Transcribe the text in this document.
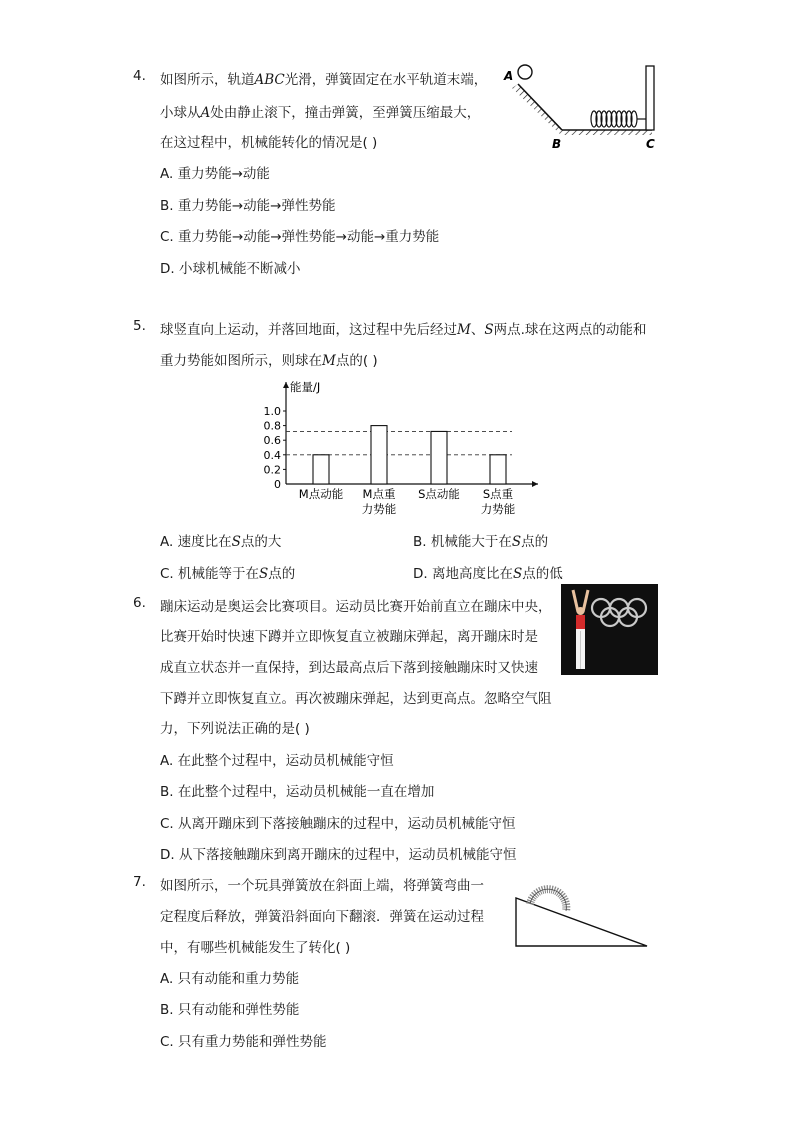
4. 如图所示，轨道ABC光滑，弹簧固定在水平轨道末端，
小球从A处由静止滚下，撞击弹簧，至弹簧压缩最大，
在这过程中，机械能转化的情况是( )
A. 重力势能→动能
B. 重力势能→动能→弹性势能
C. 重力势能→动能→弹性势能→动能→重力势能
D. 小球机械能不断减小
A
B	C
5. 球竖直向上运动，并落回地面，这过程中先后经过M、S两点.球在这两点的动能和
重力势能如图所示，则球在M点的( )
能量/J
0
0.2
0.4
0.6
0.8
1.0
M点动能 M点重
力势能
S点动能 S点重
力势能
A. 速度比在S点的大	B. 机械能大于在S点的
C. 机械能等于在S点的	D. 离地高度比在S点的低
6. 蹦床运动是奥运会比赛项目。运动员比赛开始前直立在蹦床中央，
比赛开始时快速下蹲并立即恢复直立被蹦床弹起，离开蹦床时是
成直立状态并一直保持，到达最高点后下落到接触蹦床时又快速
下蹲并立即恢复直立。再次被蹦床弹起，达到更高点。忽略空气阻
力，下列说法正确的是( )
A. 在此整个过程中，运动员机械能守恒
B. 在此整个过程中，运动员机械能一直在增加
C. 从离开蹦床到下落接触蹦床的过程中，运动员机械能守恒
D. 从下落接触蹦床到离开蹦床的过程中，运动员机械能守恒
7. 如图所示，一个玩具弹簧放在斜面上端，将弹簧弯曲一
定程度后释放，弹簧沿斜面向下翻滚．弹簧在运动过程
中，有哪些机械能发生了转化( )
A. 只有动能和重力势能
B. 只有动能和弹性势能
C. 只有重力势能和弹性势能
